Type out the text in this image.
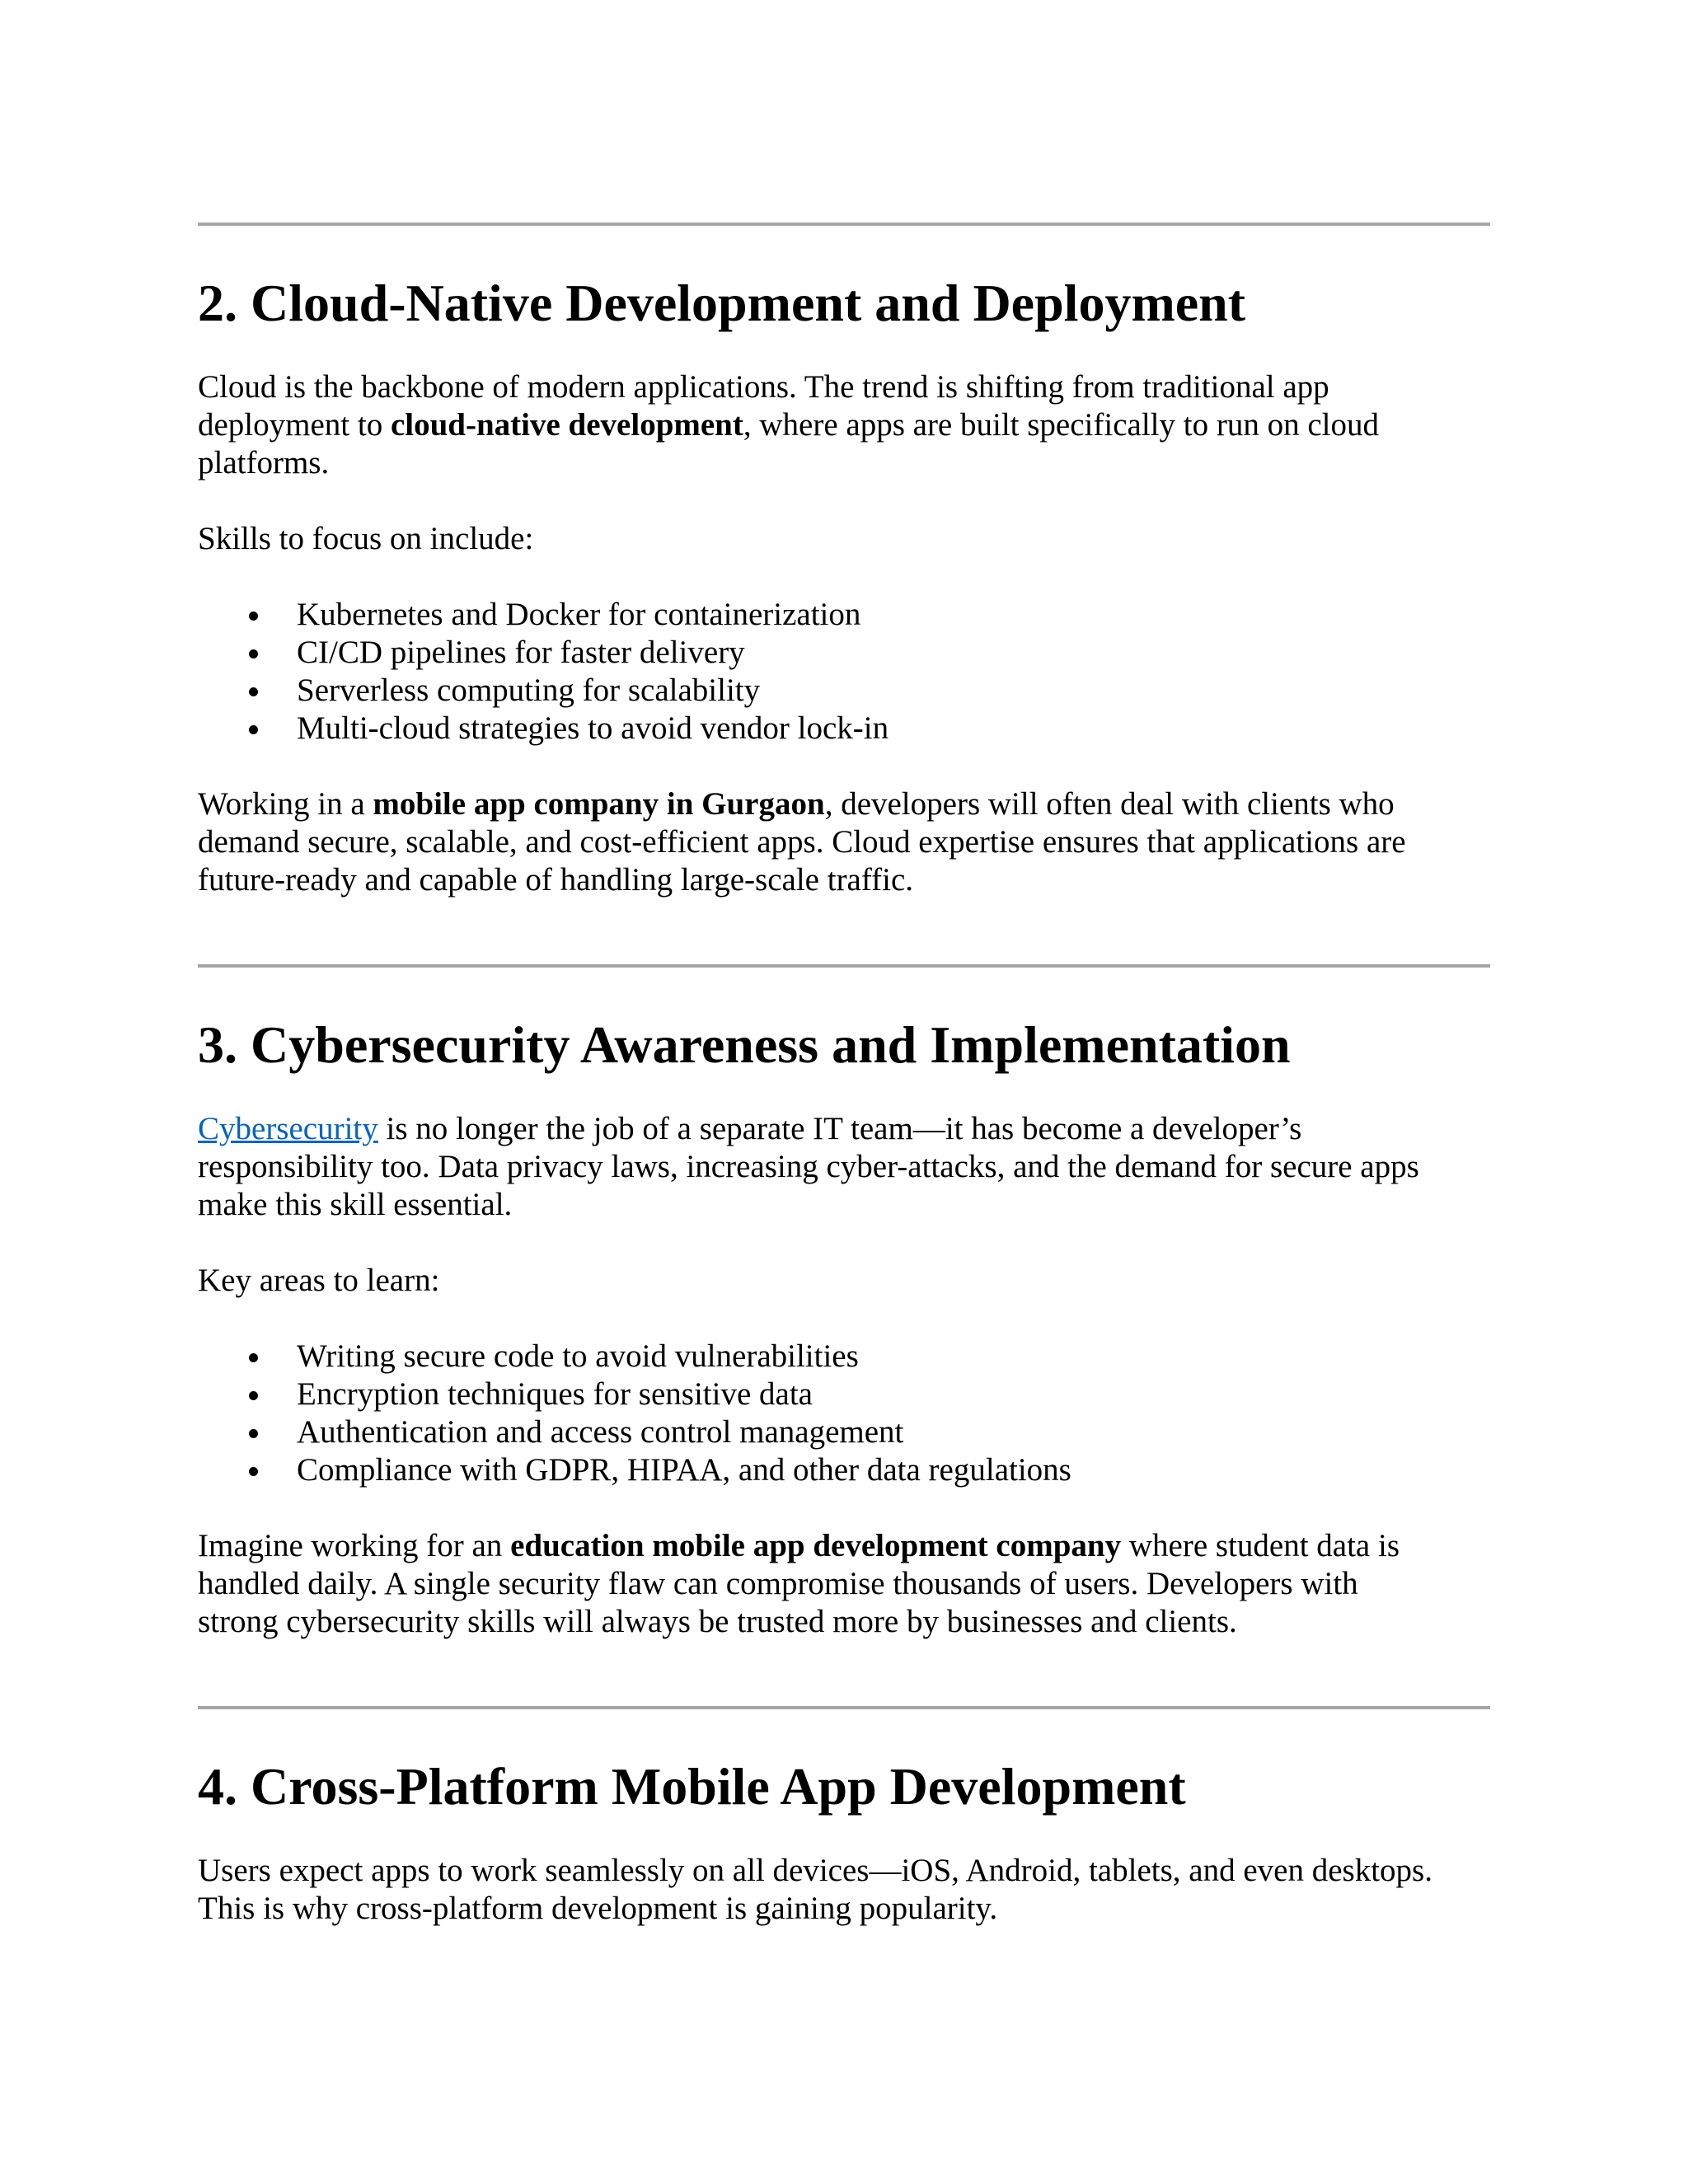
2. Cloud-Native Development and Deployment

Cloud is the backbone of modern applications. The trend is shifting from traditional app
deployment to cloud-native development, where apps are built specifically to run on cloud
platforms.

Skills to focus on include:

Kubernetes and Docker for containerization
CI/CD pipelines for faster delivery
Serverless computing for scalability
Multi-cloud strategies to avoid vendor lock-in

Working in a mobile app company in Gurgaon, developers will often deal with clients who
demand secure, scalable, and cost-efficient apps. Cloud expertise ensures that applications are
future-ready and capable of handling large-scale traffic.

3. Cybersecurity Awareness and Implementation

Cybersecurity is no longer the job of a separate IT team—it has become a developer’s
responsibility too. Data privacy laws, increasing cyber-attacks, and the demand for secure apps
make this skill essential.

Key areas to learn:

Writing secure code to avoid vulnerabilities
Encryption techniques for sensitive data
Authentication and access control management
Compliance with GDPR, HIPAA, and other data regulations

Imagine working for an education mobile app development company where student data is
handled daily. A single security flaw can compromise thousands of users. Developers with
strong cybersecurity skills will always be trusted more by businesses and clients.

4. Cross-Platform Mobile App Development

Users expect apps to work seamlessly on all devices—iOS, Android, tablets, and even desktops.
This is why cross-platform development is gaining popularity.
